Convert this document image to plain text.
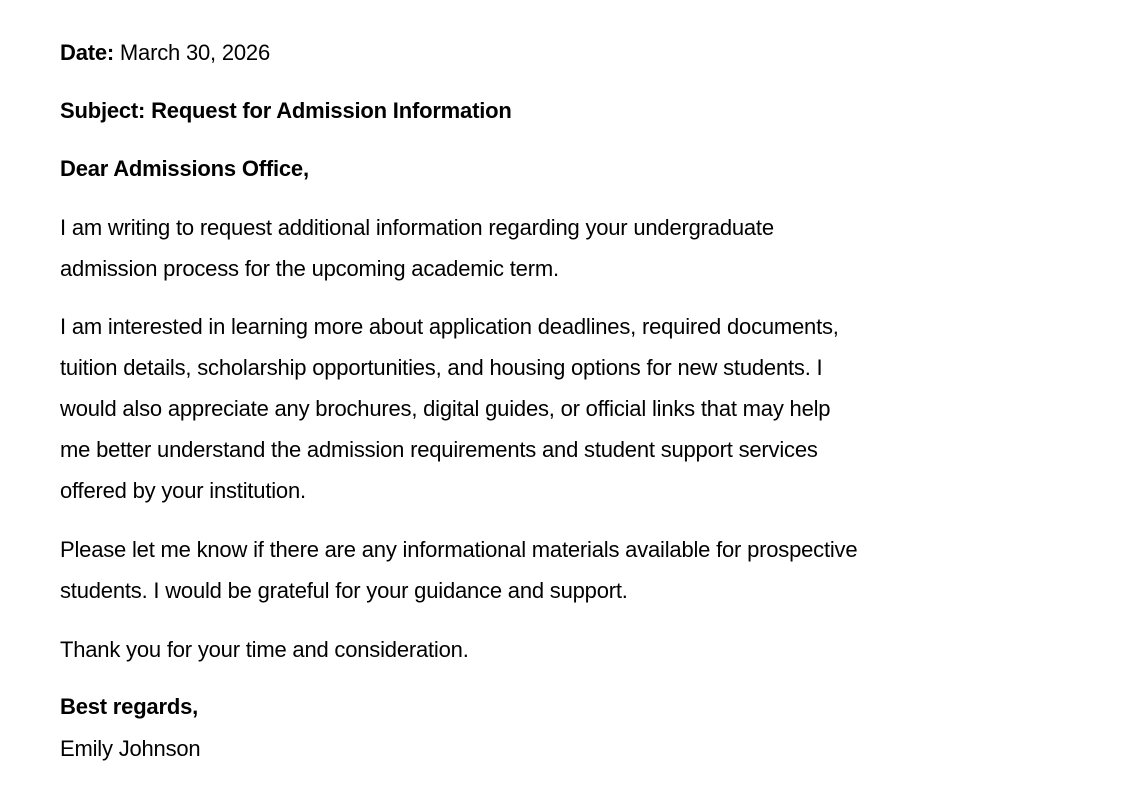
Date: March 30, 2026
Subject: Request for Admission Information
Dear Admissions Office,
I am writing to request additional information regarding your undergraduate
admission process for the upcoming academic term.
I am interested in learning more about application deadlines, required documents,
tuition details, scholarship opportunities, and housing options for new students. I
would also appreciate any brochures, digital guides, or official links that may help
me better understand the admission requirements and student support services
offered by your institution.
Please let me know if there are any informational materials available for prospective
students. I would be grateful for your guidance and support.
Thank you for your time and consideration.
Best regards,
Emily Johnson
